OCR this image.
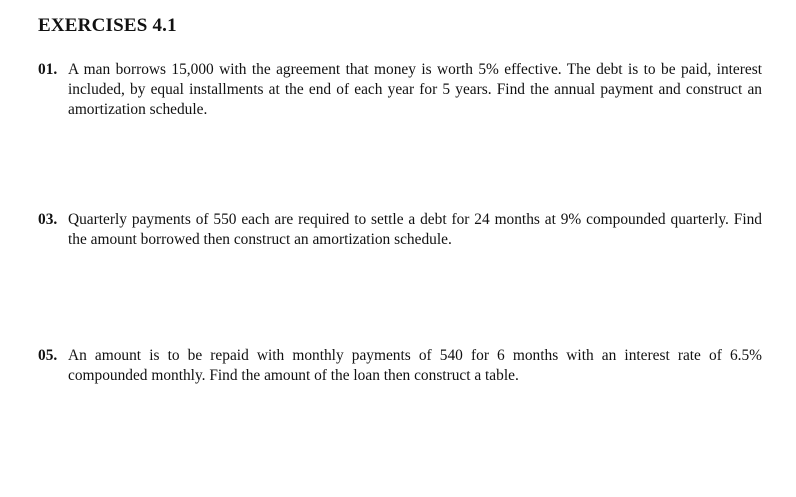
EXERCISES 4.1
01. A man borrows 15,000 with the agreement that money is worth 5% effective. The debt is to be paid, interest included, by equal installments at the end of each year for 5 years. Find the annual payment and construct an amortization schedule.
03. Quarterly payments of 550 each are required to settle a debt for 24 months at 9% compounded quarterly. Find the amount borrowed then construct an amortization schedule.
05. An amount is to be repaid with monthly payments of 540 for 6 months with an interest rate of 6.5% compounded monthly. Find the amount of the loan then construct a table.
